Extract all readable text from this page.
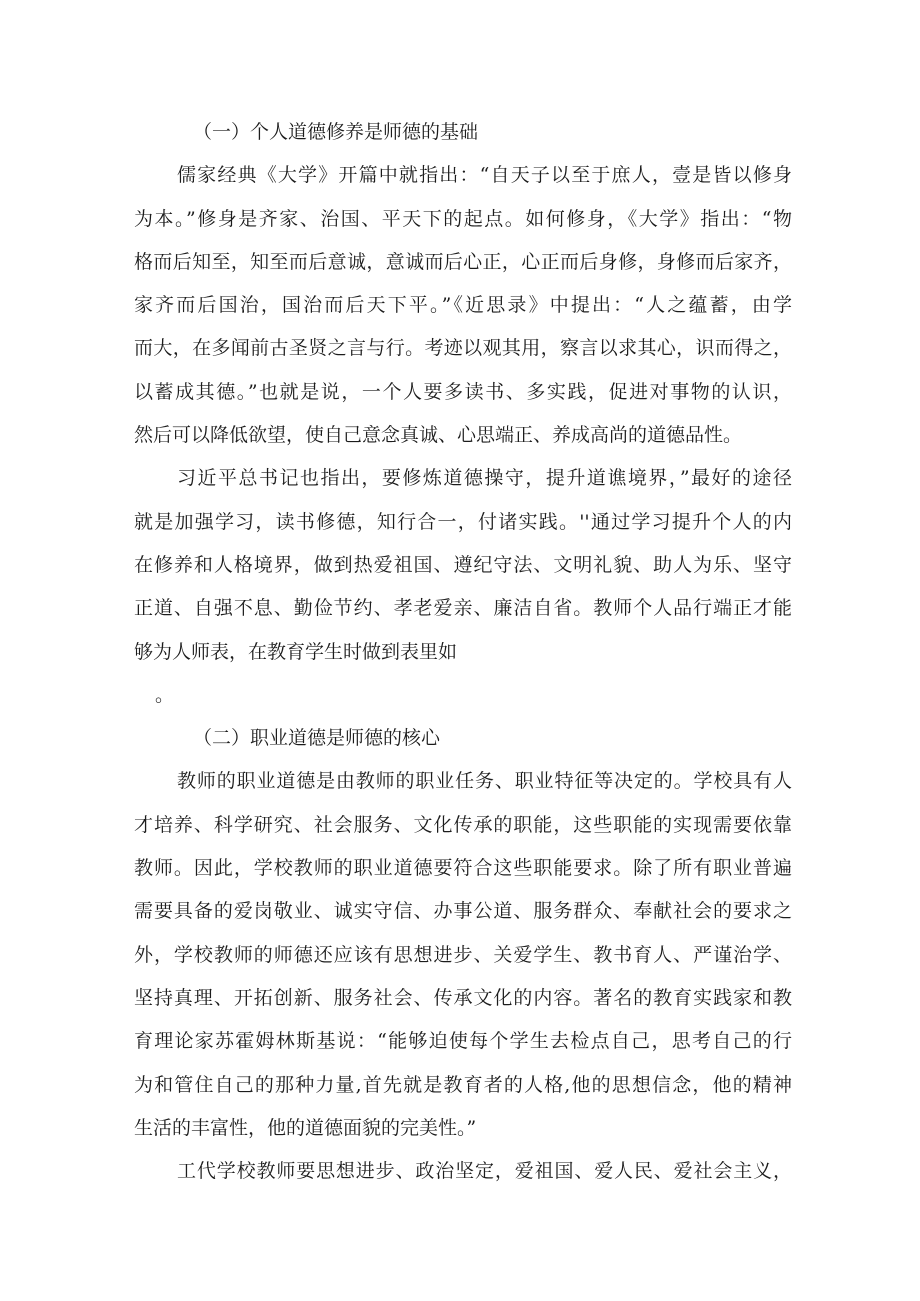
（一）个人道德修养是师德的基础
儒家经典《大学》开篇中就指出：“自天子以至于庶人，壹是皆以修身
为本。”修身是齐家、治国、平天下的起点。如何修身，《大学》指出：“物
格而后知至，知至而后意诚，意诚而后心正，心正而后身修，身修而后家齐，
家齐而后国治，国治而后天下平。”《近思录》中提出：“人之蕴蓄，由学
而大，在多闻前古圣贤之言与行。考迹以观其用，察言以求其心，识而得之，
以蓄成其德。”也就是说，一个人要多读书、多实践，促进对事物的认识，
然后可以降低欲望，使自己意念真诚、心思端正、养成高尚的道德品性。
习近平总书记也指出，要修炼道德操守，提升道谯境界，”最好的途径
就是加强学习，读书修德，知行合一，付诸实践。''通过学习提升个人的内
在修养和人格境界，做到热爱祖国、遵纪守法、文明礼貌、助人为乐、坚守
正道、自强不息、勤俭节约、孝老爱亲、廉洁自省。教师个人品行端正才能
够为人师表，在教育学生时做到表里如
。
（二）职业道德是师德的核心
教师的职业道德是由教师的职业任务、职业特征等决定的。学校具有人
才培养、科学研究、社会服务、文化传承的职能，这些职能的实现需要依靠
教师。因此，学校教师的职业道德要符合这些职能要求。除了所有职业普遍
需要具备的爱岗敬业、诚实守信、办事公道、服务群众、奉献社会的要求之
外，学校教师的师德还应该有思想进步、关爱学生、教书育人、严谨治学、
坚持真理、开拓创新、服务社会、传承文化的内容。著名的教育实践家和教
育理论家苏霍姆林斯基说：“能够迫使每个学生去检点自己，思考自己的行
为和管住自己的那种力量,首先就是教育者的人格,他的思想信念，他的精神
生活的丰富性，他的道德面貌的完美性。”
工代学校教师要思想进步、政治坚定，爱祖国、爱人民、爱社会主义，
